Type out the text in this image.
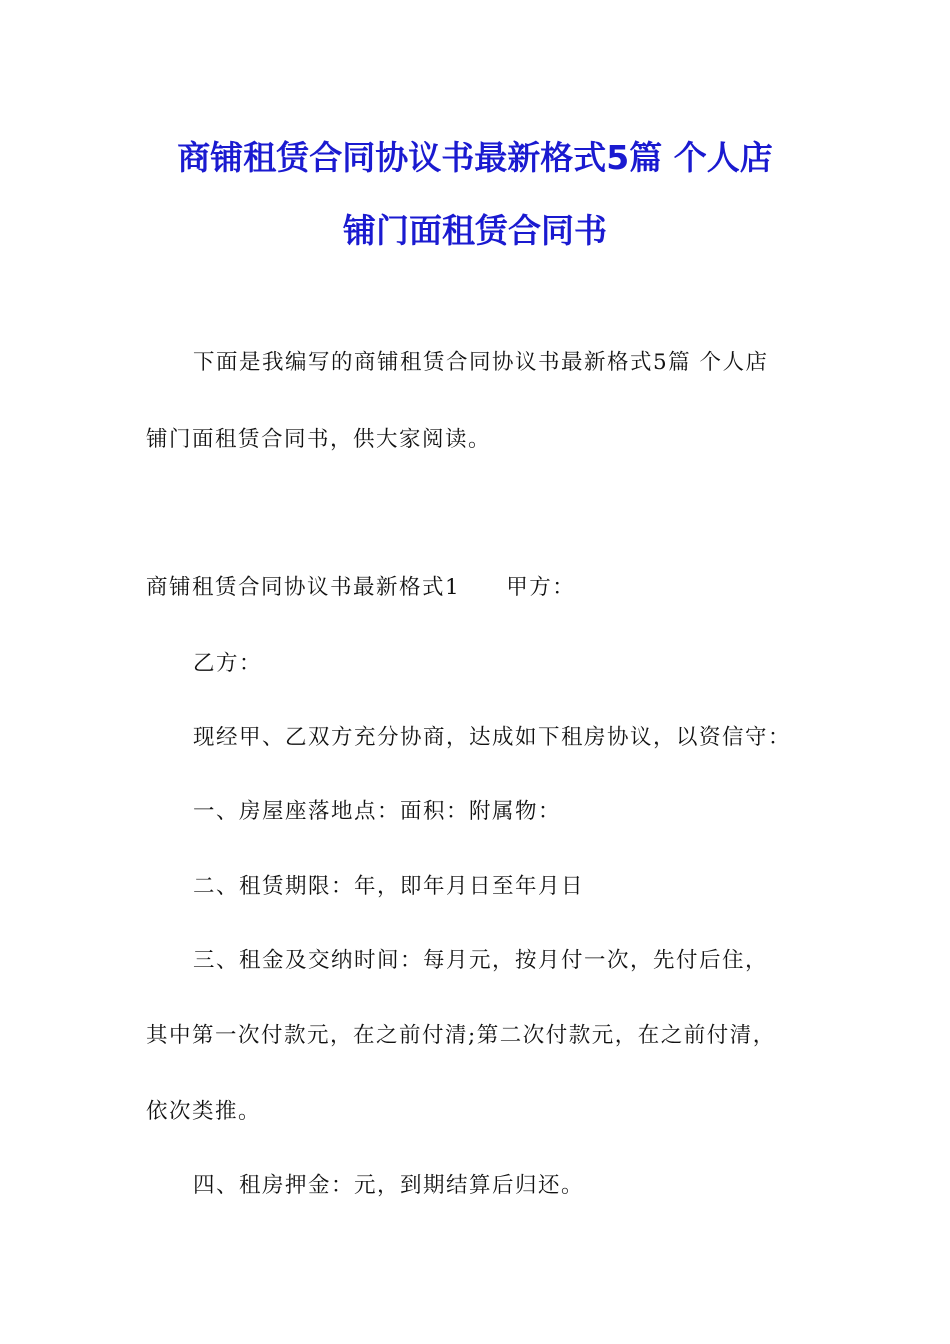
商铺租赁合同协议书最新格式5篇 个人店
铺门面租赁合同书
下面是我编写的商铺租赁合同协议书最新格式5篇 个人店
铺门面租赁合同书，供大家阅读。
商铺租赁合同协议书最新格式1 甲方：
乙方：
现经甲、乙双方充分协商，达成如下租房协议，以资信守：
一、房屋座落地点：面积：附属物：
二、租赁期限：年，即年月日至年月日
三、租金及交纳时间：每月元，按月付一次，先付后住，
其中第一次付款元，在之前付清;第二次付款元，在之前付清，
依次类推。
四、租房押金：元，到期结算后归还。
